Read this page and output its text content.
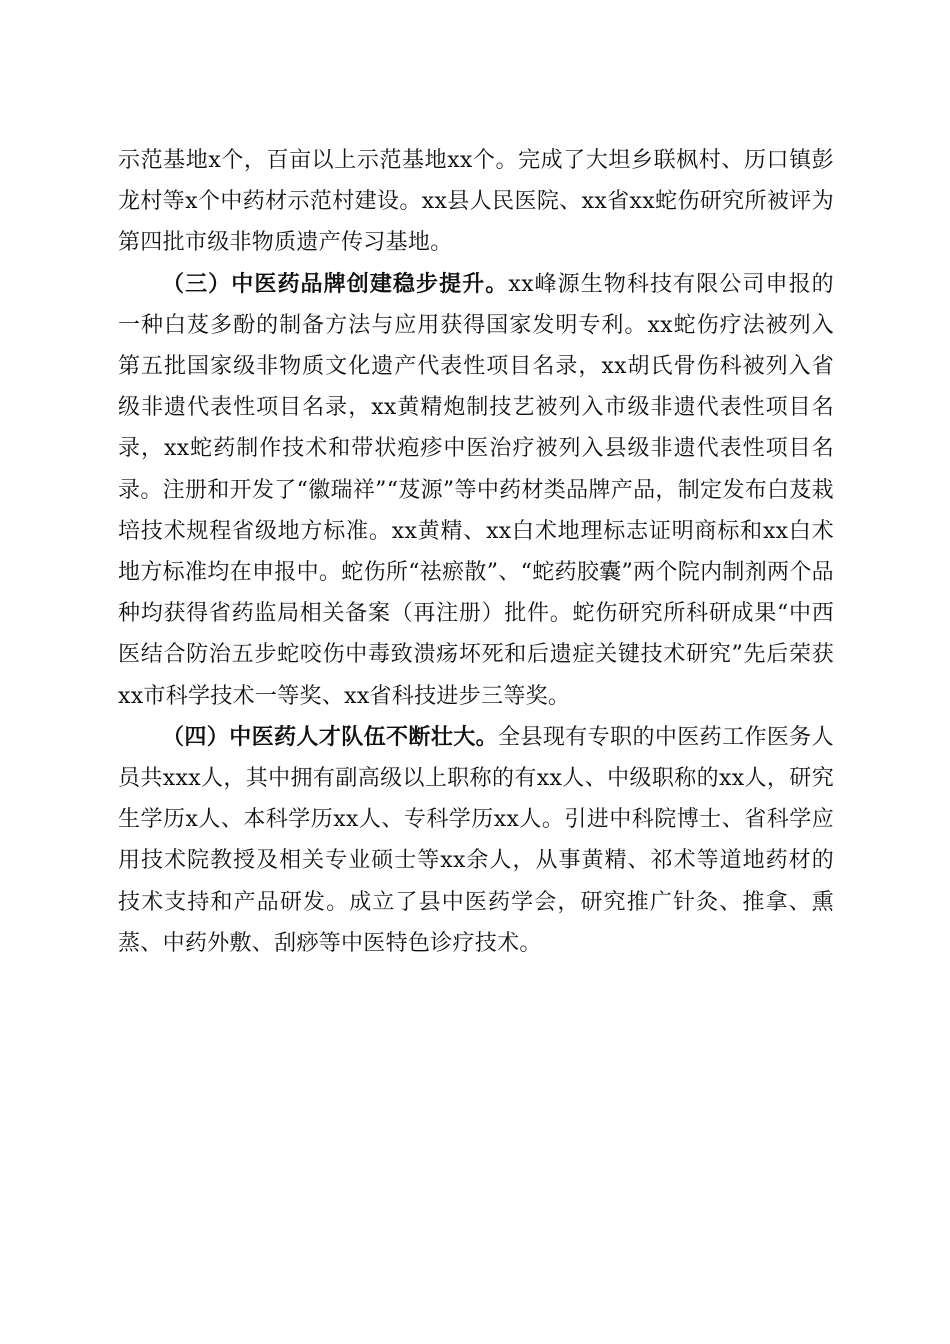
示范基地x个，百亩以上示范基地xx个。完成了大坦乡联枫村、历口镇彭龙村等x个中药材示范村建设。xx县人民医院、xx省xx蛇伤研究所被评为第四批市级非物质遗产传习基地。

（三）中医药品牌创建稳步提升。xx峰源生物科技有限公司申报的一种白芨多酚的制备方法与应用获得国家发明专利。xx蛇伤疗法被列入第五批国家级非物质文化遗产代表性项目名录，xx胡氏骨伤科被列入省级非遗代表性项目名录，xx黄精炮制技艺被列入市级非遗代表性项目名录，xx蛇药制作技术和带状疱疹中医治疗被列入县级非遗代表性项目名录。注册和开发了“徽瑞祥”“芨源”等中药材类品牌产品，制定发布白芨栽培技术规程省级地方标准。xx黄精、xx白术地理标志证明商标和xx白术地方标准均在申报中。蛇伤所“祛瘀散”、“蛇药胶囊”两个院内制剂两个品种均获得省药监局相关备案（再注册）批件。蛇伤研究所科研成果“中西医结合防治五步蛇咬伤中毒致溃疡坏死和后遗症关键技术研究”先后荣获xx市科学技术一等奖、xx省科技进步三等奖。

（四）中医药人才队伍不断壮大。全县现有专职的中医药工作医务人员共xxx人，其中拥有副高级以上职称的有xx人、中级职称的xx人，研究生学历x人、本科学历xx人、专科学历xx人。引进中科院博士、省科学应用技术院教授及相关专业硕士等xx余人，从事黄精、祁术等道地药材的技术支持和产品研发。成立了县中医药学会，研究推广针灸、推拿、熏蒸、中药外敷、刮痧等中医特色诊疗技术。
